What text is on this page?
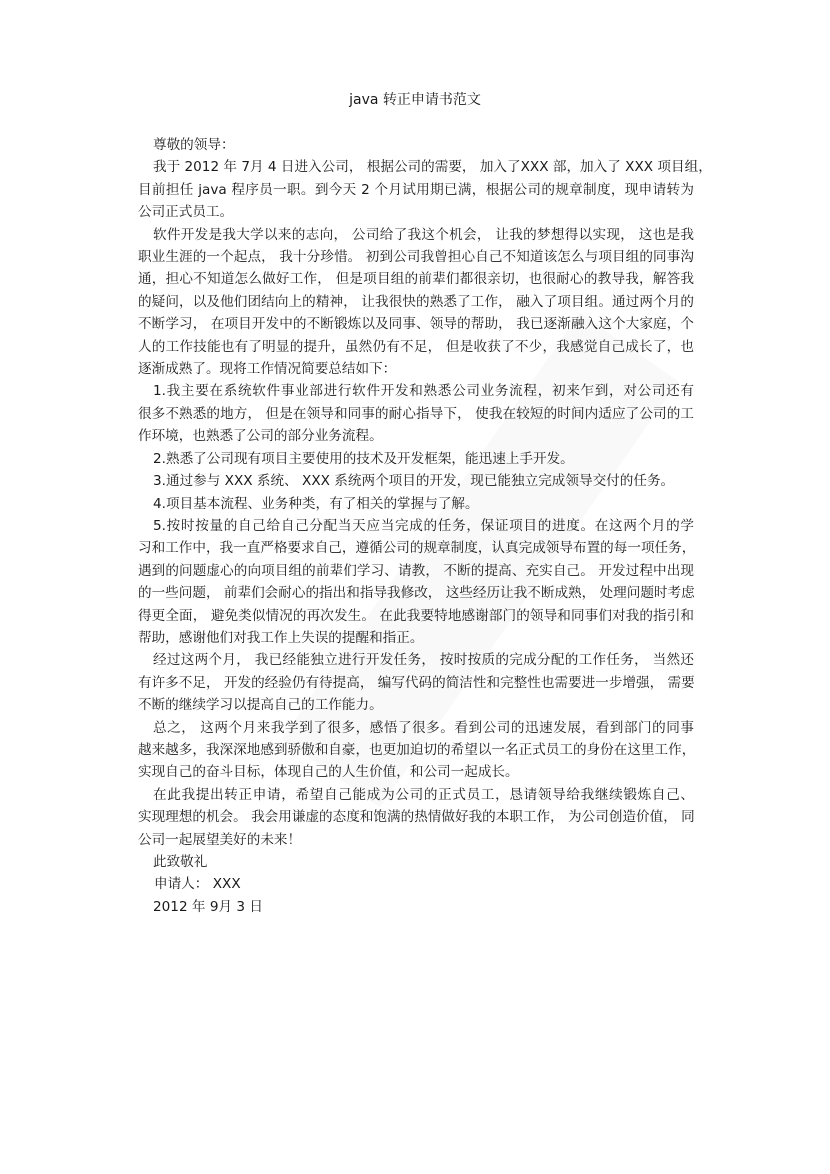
java 转正申请书范文
尊敬的领导：
我于 2012 年 7月 4 日进入公司， 根据公司的需要， 加入了XXX 部，加入了 XXX 项目组，
目前担任 java 程序员一职。到今天 2 个月试用期已满，根据公司的规章制度，现申请转为
公司正式员工。
软件开发是我大学以来的志向， 公司给了我这个机会， 让我的梦想得以实现， 这也是我
职业生涯的一个起点， 我十分珍惜。 初到公司我曾担心自己不知道该怎么与项目组的同事沟
通，担心不知道怎么做好工作， 但是项目组的前辈们都很亲切，也很耐心的教导我，解答我
的疑问，以及他们团结向上的精神， 让我很快的熟悉了工作， 融入了项目组。通过两个月的
不断学习， 在项目开发中的不断锻炼以及同事、领导的帮助， 我已逐渐融入这个大家庭，个
人的工作技能也有了明显的提升，虽然仍有不足， 但是收获了不少，我感觉自己成长了，也
逐渐成熟了。现将工作情况简要总结如下：
1.我主要在系统软件事业部进行软件开发和熟悉公司业务流程，初来乍到，对公司还有
很多不熟悉的地方， 但是在领导和同事的耐心指导下， 使我在较短的时间内适应了公司的工
作环境，也熟悉了公司的部分业务流程。
2.熟悉了公司现有项目主要使用的技术及开发框架，能迅速上手开发。
3.通过参与 XXX 系统、 XXX 系统两个项目的开发，现已能独立完成领导交付的任务。
4.项目基本流程、业务种类，有了相关的掌握与了解。
5.按时按量的自己给自己分配当天应当完成的任务，保证项目的进度。在这两个月的学
习和工作中，我一直严格要求自己，遵循公司的规章制度，认真完成领导布置的每一项任务，
遇到的问题虚心的向项目组的前辈们学习、请教， 不断的提高、充实自己。 开发过程中出现
的一些问题， 前辈们会耐心的指出和指导我修改， 这些经历让我不断成熟， 处理问题时考虑
得更全面， 避免类似情况的再次发生。 在此我要特地感谢部门的领导和同事们对我的指引和
帮助，感谢他们对我工作上失误的提醒和指正。
经过这两个月， 我已经能独立进行开发任务， 按时按质的完成分配的工作任务， 当然还
有许多不足， 开发的经验仍有待提高， 编写代码的简洁性和完整性也需要进一步增强， 需要
不断的继续学习以提高自己的工作能力。
总之， 这两个月来我学到了很多，感悟了很多。看到公司的迅速发展，看到部门的同事
越来越多，我深深地感到骄傲和自豪，也更加迫切的希望以一名正式员工的身份在这里工作，
实现自己的奋斗目标，体现自己的人生价值，和公司一起成长。
在此我提出转正申请，希望自己能成为公司的正式员工，恳请领导给我继续锻炼自己、
实现理想的机会。 我会用谦虚的态度和饱满的热情做好我的本职工作， 为公司创造价值， 同
公司一起展望美好的未来！
此致敬礼
申请人： XXX
2012 年 9月 3 日
